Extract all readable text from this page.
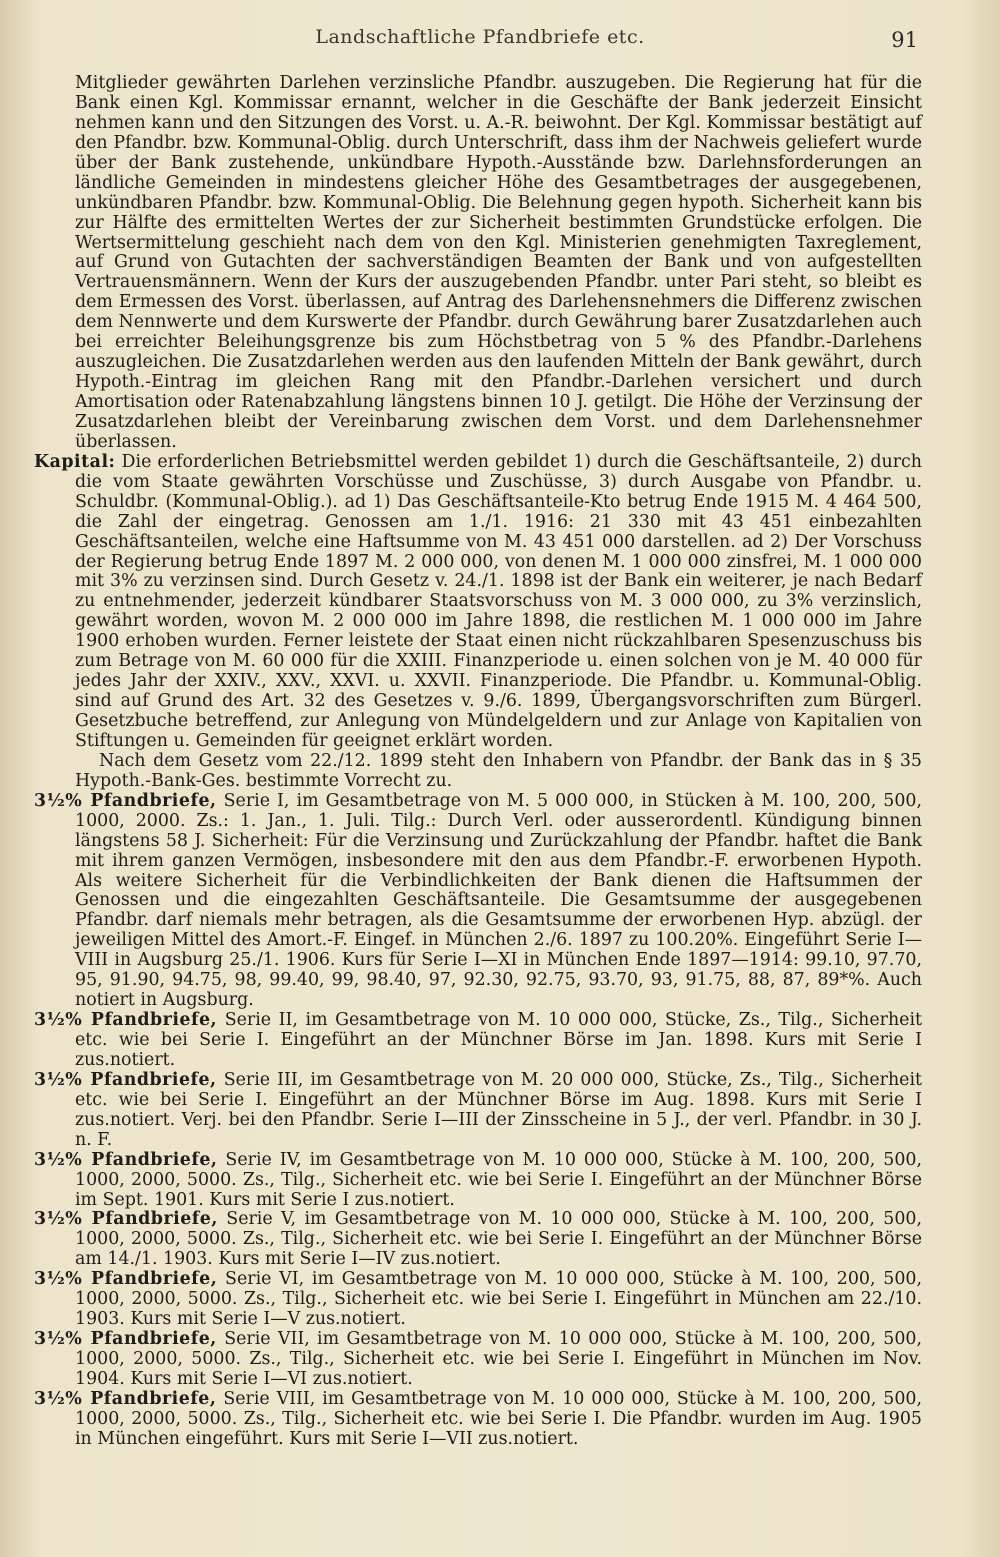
Landschaftliche Pfandbriefe etc.	91

Mitglieder gewährten Darlehen verzinsliche Pfandbr. auszugeben. Die Regierung hat für die Bank einen Kgl. Kommissar ernannt, welcher in die Geschäfte der Bank jederzeit Einsicht nehmen kann und den Sitzungen des Vorst. u. A.-R. beiwohnt. Der Kgl. Kommissar bestätigt auf den Pfandbr. bzw. Kommunal-Oblig. durch Unterschrift, dass ihm der Nachweis geliefert wurde über der Bank zustehende, unkündbare Hypoth.-Ausstände bzw. Darlehnsforderungen an ländliche Gemeinden in mindestens gleicher Höhe des Gesamtbetrages der ausgegebenen, unkündbaren Pfandbr. bzw. Kommunal-Oblig. Die Belehnung gegen hypoth. Sicherheit kann bis zur Hälfte des ermittelten Wertes der zur Sicherheit bestimmten Grundstücke erfolgen. Die Wertsermittelung geschieht nach dem von den Kgl. Ministerien genehmigten Taxreglement, auf Grund von Gutachten der sachverständigen Beamten der Bank und von aufgestellten Vertrauensmännern. Wenn der Kurs der auszugebenden Pfandbr. unter Pari steht, so bleibt es dem Ermessen des Vorst. überlassen, auf Antrag des Darlehensnehmers die Differenz zwischen dem Nennwerte und dem Kurswerte der Pfandbr. durch Gewährung barer Zusatzdarlehen auch bei erreichter Beleihungsgrenze bis zum Höchstbetrag von 5 % des Pfandbr.-Darlehens auszugleichen. Die Zusatzdarlehen werden aus den laufenden Mitteln der Bank gewährt, durch Hypoth.-Eintrag im gleichen Rang mit den Pfandbr.-Darlehen versichert und durch Amortisation oder Ratenabzahlung längstens binnen 10 J. getilgt. Die Höhe der Verzinsung der Zusatzdarlehen bleibt der Vereinbarung zwischen dem Vorst. und dem Darlehensnehmer überlassen.

Kapital: Die erforderlichen Betriebsmittel werden gebildet 1) durch die Geschäftsanteile, 2) durch die vom Staate gewährten Vorschüsse und Zuschüsse, 3) durch Ausgabe von Pfandbr. u. Schuldbr. (Kommunal-Oblig.). ad 1) Das Geschäftsanteile-Kto betrug Ende 1915 M. 4 464 500, die Zahl der eingetrag. Genossen am 1./1. 1916: 21 330 mit 43 451 einbezahlten Geschäftsanteilen, welche eine Haftsumme von M. 43 451 000 darstellen. ad 2) Der Vorschuss der Regierung betrug Ende 1897 M. 2 000 000, von denen M. 1 000 000 zinsfrei, M. 1 000 000 mit 3% zu verzinsen sind. Durch Gesetz v. 24./1. 1898 ist der Bank ein weiterer, je nach Bedarf zu entnehmender, jederzeit kündbarer Staatsvorschuss von M. 3 000 000, zu 3% verzinslich, gewährt worden, wovon M. 2 000 000 im Jahre 1898, die restlichen M. 1 000 000 im Jahre 1900 erhoben wurden. Ferner leistete der Staat einen nicht rückzahlbaren Spesenzuschuss bis zum Betrage von M. 60 000 für die XXIII. Finanzperiode u. einen solchen von je M. 40 000 für jedes Jahr der XXIV., XXV., XXVI. u. XXVII. Finanzperiode. Die Pfandbr. u. Kommunal-Oblig. sind auf Grund des Art. 32 des Gesetzes v. 9./6. 1899, Übergangsvorschriften zum Bürgerl. Gesetzbuche betreffend, zur Anlegung von Mündelgeldern und zur Anlage von Kapitalien von Stiftungen u. Gemeinden für geeignet erklärt worden.

Nach dem Gesetz vom 22./12. 1899 steht den Inhabern von Pfandbr. der Bank das in § 35 Hypoth.-Bank-Ges. bestimmte Vorrecht zu.

3½% Pfandbriefe, Serie I, im Gesamtbetrage von M. 5 000 000, in Stücken à M. 100, 200, 500, 1000, 2000. Zs.: 1. Jan., 1. Juli. Tilg.: Durch Verl. oder ausserordentl. Kündigung binnen längstens 58 J. Sicherheit: Für die Verzinsung und Zurückzahlung der Pfandbr. haftet die Bank mit ihrem ganzen Vermögen, insbesondere mit den aus dem Pfandbr.-F. erworbenen Hypoth. Als weitere Sicherheit für die Verbindlichkeiten der Bank dienen die Haftsummen der Genossen und die eingezahlten Geschäftsanteile. Die Gesamtsumme der ausgegebenen Pfandbr. darf niemals mehr betragen, als die Gesamtsumme der erworbenen Hyp. abzügl. der jeweiligen Mittel des Amort.-F. Eingef. in München 2./6. 1897 zu 100.20%. Eingeführt Serie I—VIII in Augsburg 25./1. 1906. Kurs für Serie I—XI in München Ende 1897—1914: 99.10, 97.70, 95, 91.90, 94.75, 98, 99.40, 99, 98.40, 97, 92.30, 92.75, 93.70, 93, 91.75, 88, 87, 89*%. Auch notiert in Augsburg.

3½% Pfandbriefe, Serie II, im Gesamtbetrage von M. 10 000 000, Stücke, Zs., Tilg., Sicherheit etc. wie bei Serie I. Eingeführt an der Münchner Börse im Jan. 1898. Kurs mit Serie I zus.notiert.

3½% Pfandbriefe, Serie III, im Gesamtbetrage von M. 20 000 000, Stücke, Zs., Tilg., Sicherheit etc. wie bei Serie I. Eingeführt an der Münchner Börse im Aug. 1898. Kurs mit Serie I zus.notiert. Verj. bei den Pfandbr. Serie I—III der Zinsscheine in 5 J., der verl. Pfandbr. in 30 J. n. F.

3½% Pfandbriefe, Serie IV, im Gesamtbetrage von M. 10 000 000, Stücke à M. 100, 200, 500, 1000, 2000, 5000. Zs., Tilg., Sicherheit etc. wie bei Serie I. Eingeführt an der Münchner Börse im Sept. 1901. Kurs mit Serie I zus.notiert.

3½% Pfandbriefe, Serie V, im Gesamtbetrage von M. 10 000 000, Stücke à M. 100, 200, 500, 1000, 2000, 5000. Zs., Tilg., Sicherheit etc. wie bei Serie I. Eingeführt an der Münchner Börse am 14./1. 1903. Kurs mit Serie I—IV zus.notiert.

3½% Pfandbriefe, Serie VI, im Gesamtbetrage von M. 10 000 000, Stücke à M. 100, 200, 500, 1000, 2000, 5000. Zs., Tilg., Sicherheit etc. wie bei Serie I. Eingeführt in München am 22./10. 1903. Kurs mit Serie I—V zus.notiert.

3½% Pfandbriefe, Serie VII, im Gesamtbetrage von M. 10 000 000, Stücke à M. 100, 200, 500, 1000, 2000, 5000. Zs., Tilg., Sicherheit etc. wie bei Serie I. Eingeführt in München im Nov. 1904. Kurs mit Serie I—VI zus.notiert.

3½% Pfandbriefe, Serie VIII, im Gesamtbetrage von M. 10 000 000, Stücke à M. 100, 200, 500, 1000, 2000, 5000. Zs., Tilg., Sicherheit etc. wie bei Serie I. Die Pfandbr. wurden im Aug. 1905 in München eingeführt. Kurs mit Serie I—VII zus.notiert.
